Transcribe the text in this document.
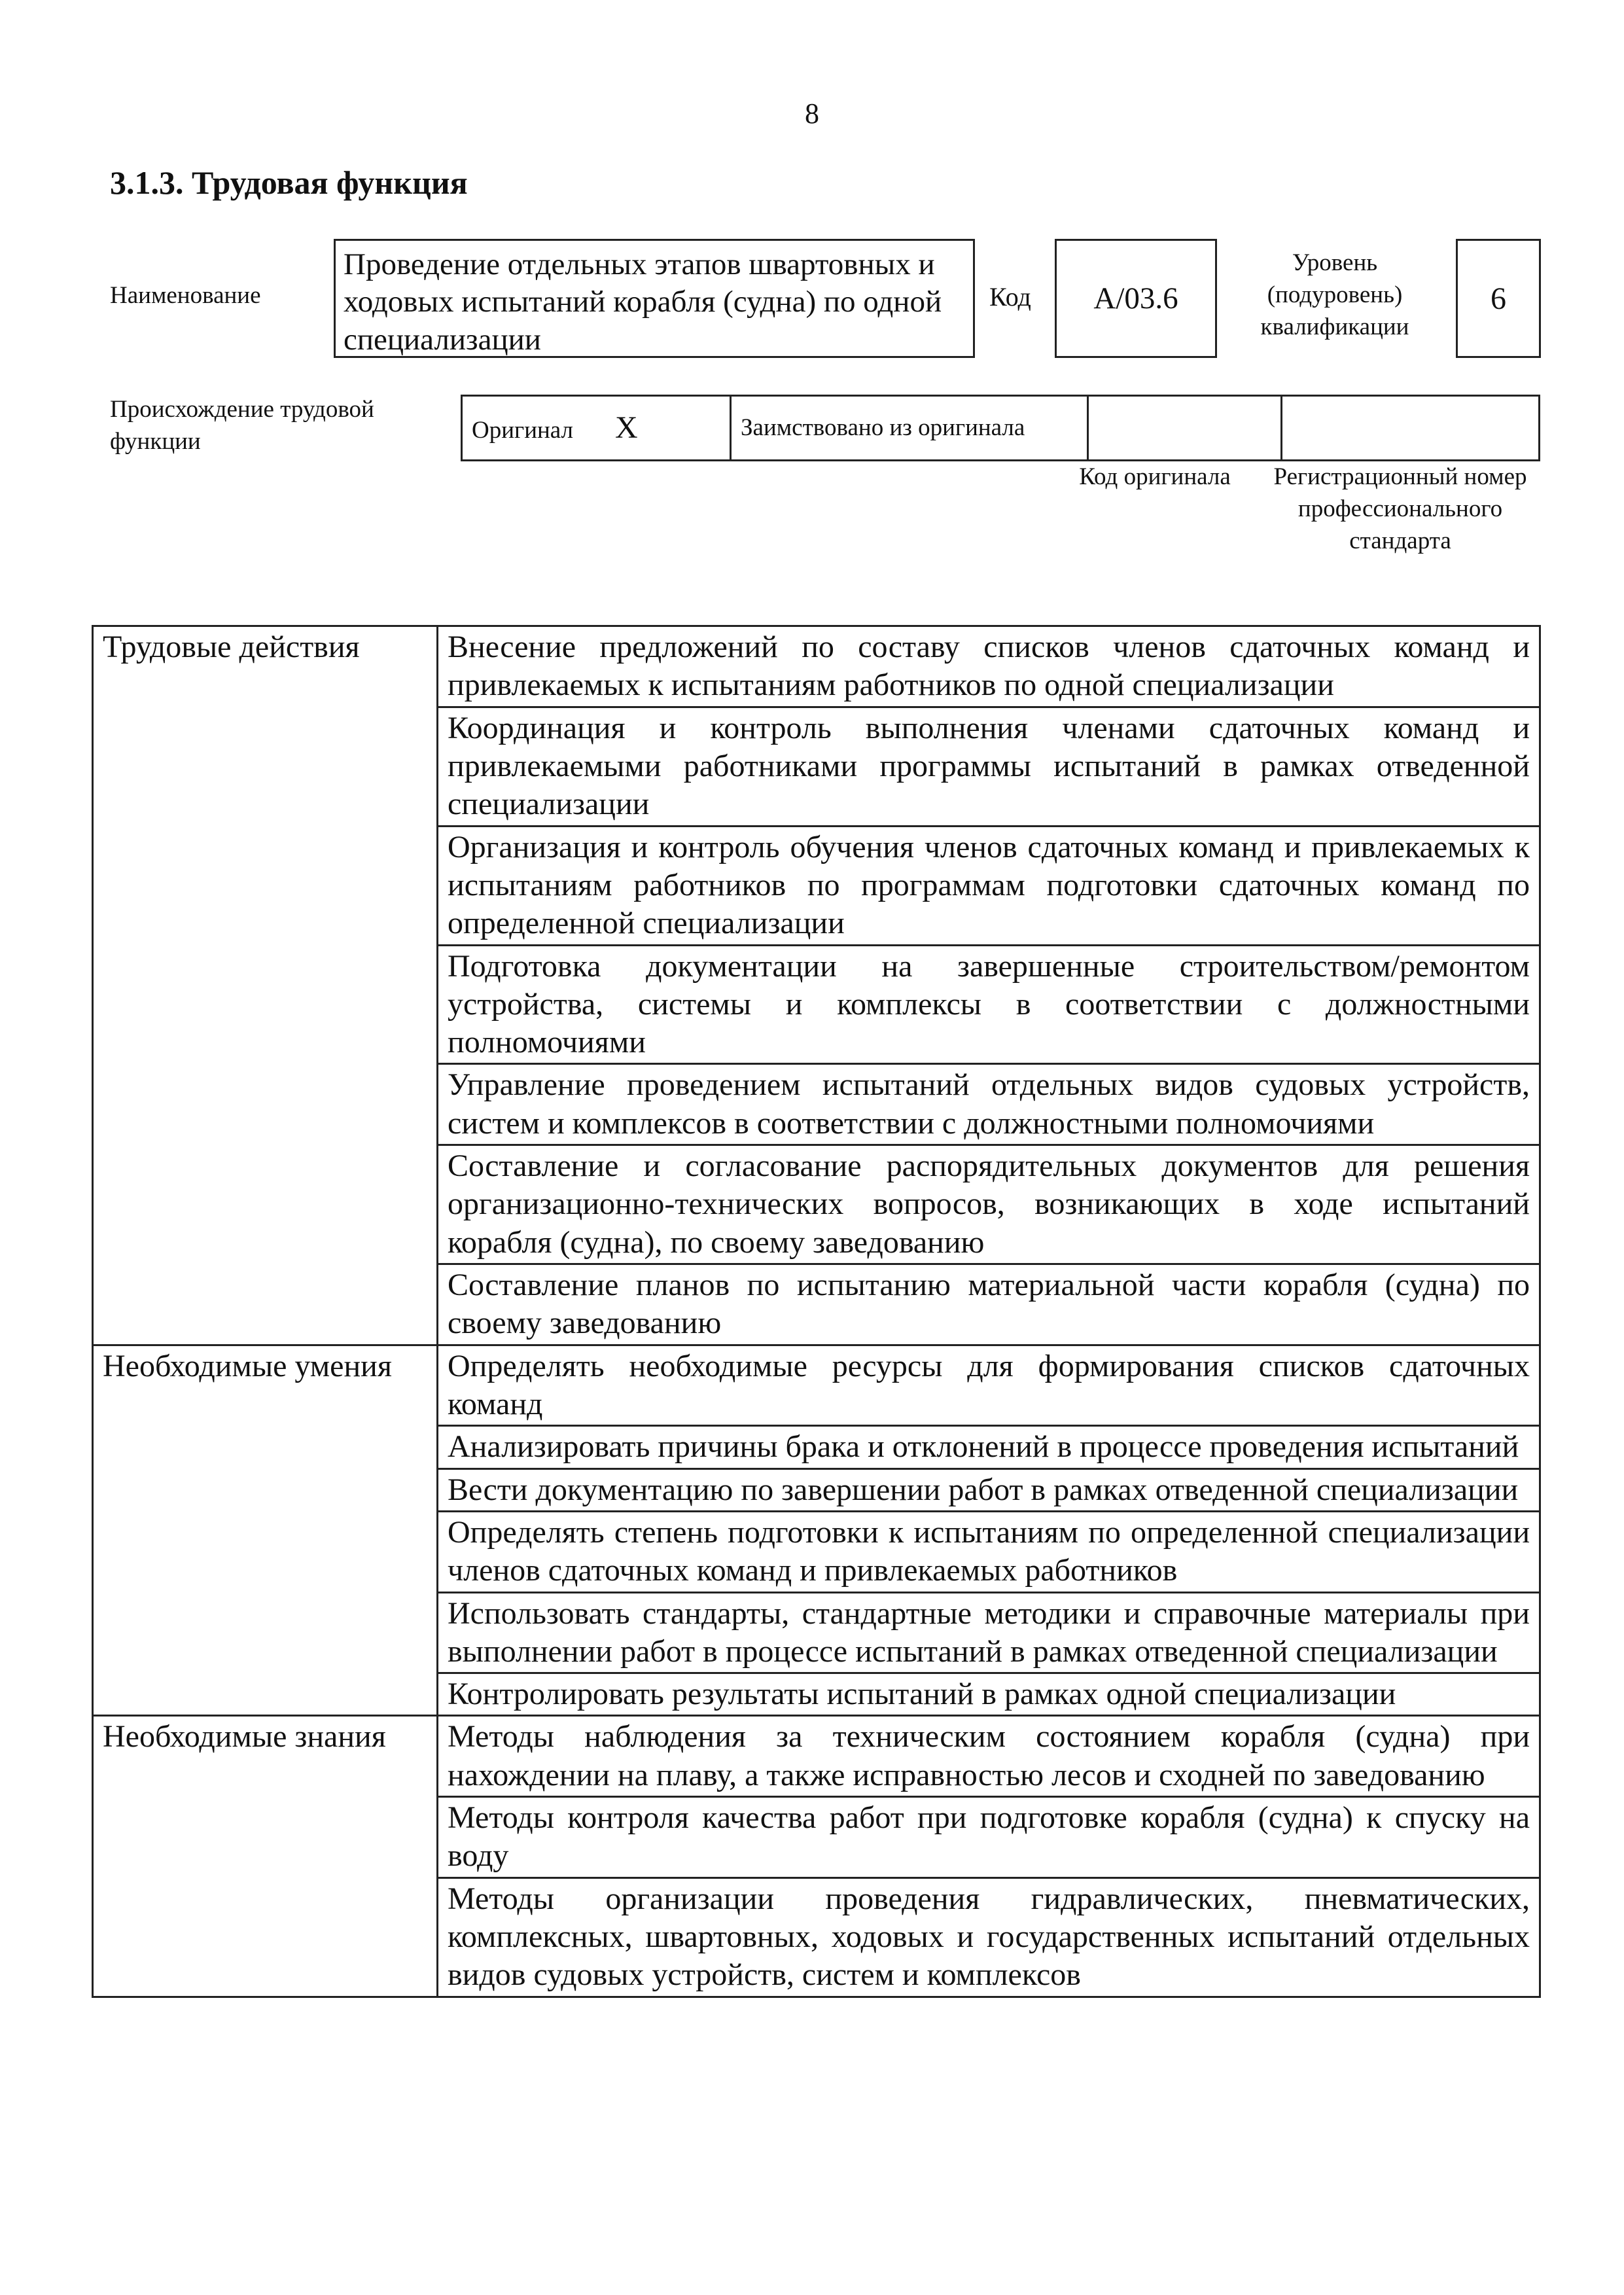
8
3.1.3. Трудовая функция
Наименование
Проведение отдельных этапов швартовных и ходовых испытаний корабля (судна) по одной специализации
Код	А/03.6
Уровень (подуровень) квалификации
6
Происхождение трудовой функции	Оригинал X	Заимствовано из оригинала		
Код оригинала	Регистрационный номер профессионального стандарта
Трудовые действия	Внесение предложений по составу списков членов сдаточных команд и привлекаемых к испытаниям работников по одной специализации
	Координация и контроль выполнения членами сдаточных команд и привлекаемыми работниками программы испытаний в рамках отведенной специализации
	Организация и контроль обучения членов сдаточных команд и привлекаемых к испытаниям работников по программам подготовки сдаточных команд по определенной специализации
	Подготовка документации на завершенные строительством/ремонтом устройства, системы и комплексы в соответствии с должностными полномочиями
	Управление проведением испытаний отдельных видов судовых устройств, систем и комплексов в соответствии с должностными полномочиями
	Составление и согласование распорядительных документов для решения организационно-технических вопросов, возникающих в ходе испытаний корабля (судна), по своему заведованию
	Составление планов по испытанию материальной части корабля (судна) по своему заведованию
Необходимые умения	Определять необходимые ресурсы для формирования списков сдаточных команд
	Анализировать причины брака и отклонений в процессе проведения испытаний
	Вести документацию по завершении работ в рамках отведенной специализации
	Определять степень подготовки к испытаниям по определенной специализации членов сдаточных команд и привлекаемых работников
	Использовать стандарты, стандартные методики и справочные материалы при выполнении работ в процессе испытаний в рамках отведенной специализации
	Контролировать результаты испытаний в рамках одной специализации
Необходимые знания	Методы наблюдения за техническим состоянием корабля (судна) при нахождении на плаву, а также исправностью лесов и сходней по заведованию
	Методы контроля качества работ при подготовке корабля (судна) к спуску на воду
	Методы организации проведения гидравлических, пневматических, комплексных, швартовных, ходовых и государственных испытаний отдельных видов судовых устройств, систем и комплексов
